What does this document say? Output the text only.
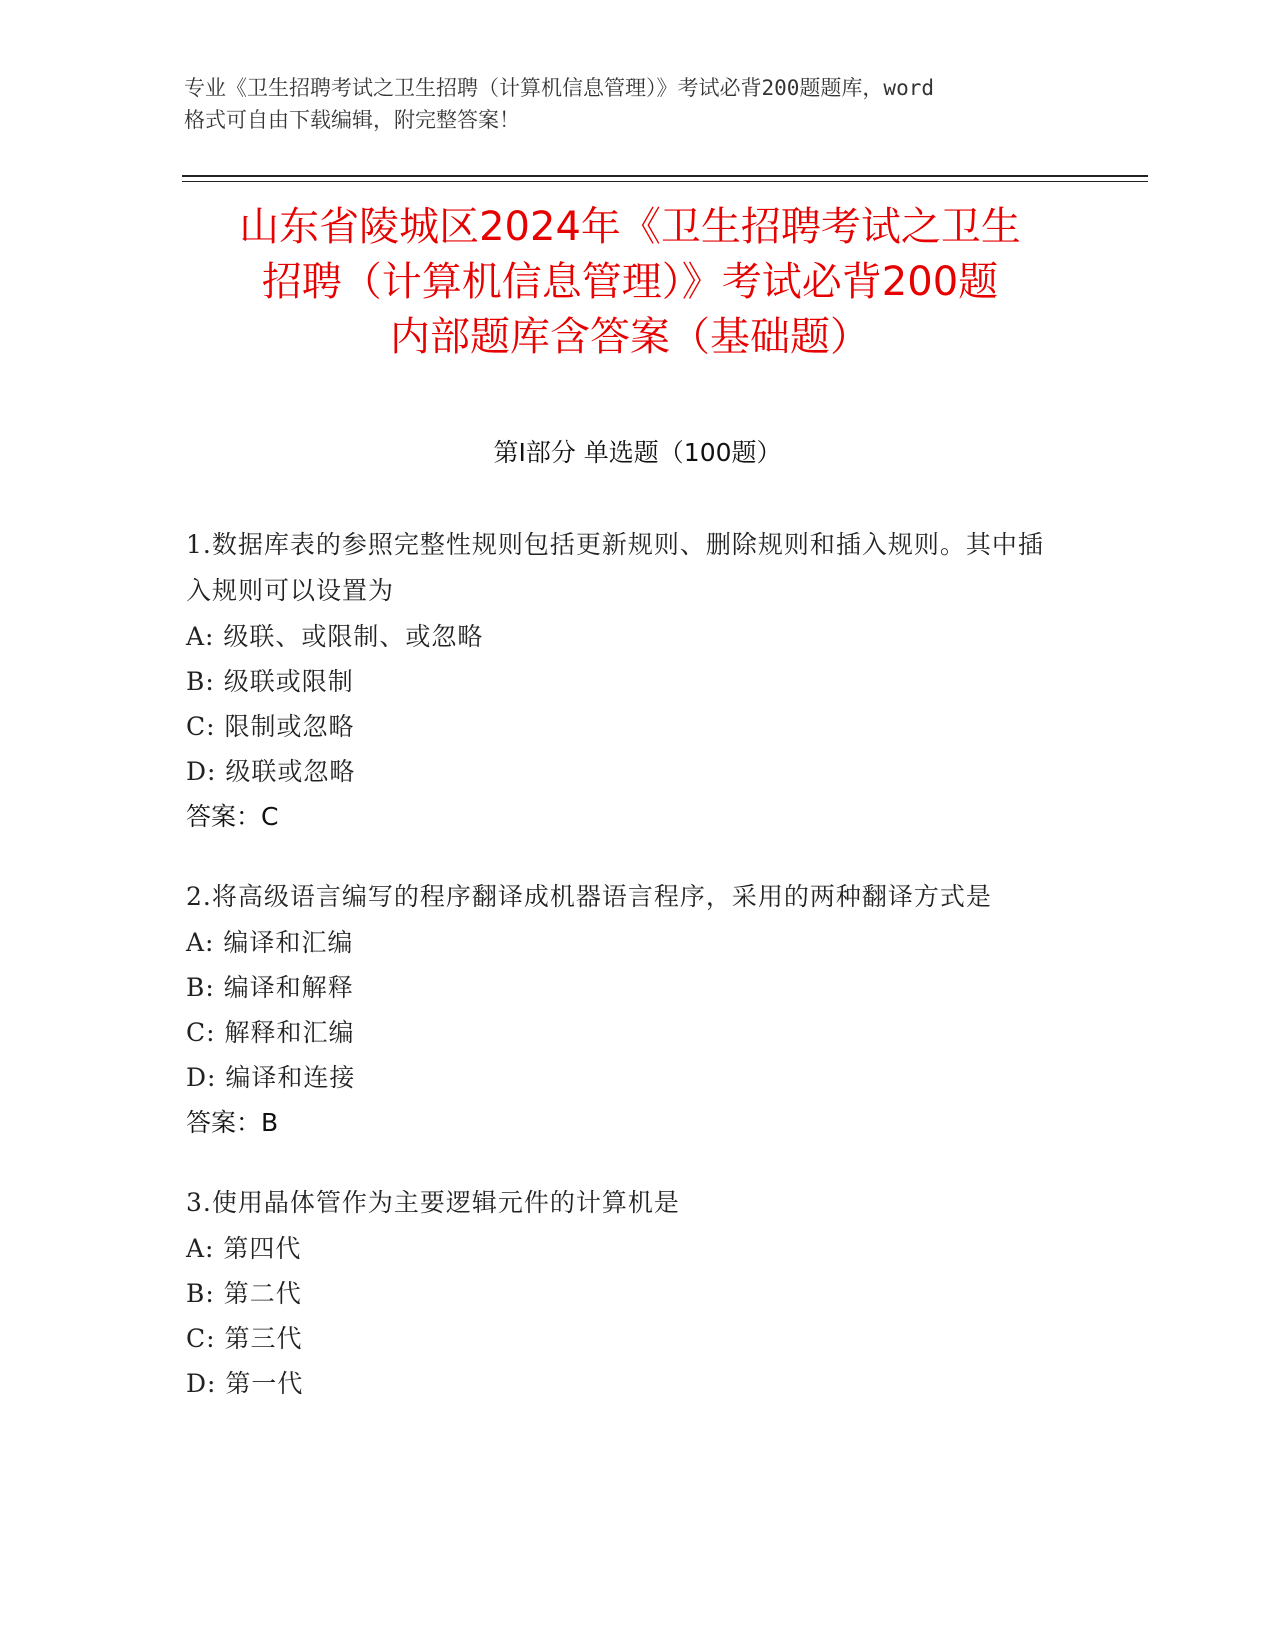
专业《卫生招聘考试之卫生招聘（计算机信息管理）》考试必背200题题库，word
格式可自由下载编辑，附完整答案！
山东省陵城区2024年《卫生招聘考试之卫生
招聘（计算机信息管理）》考试必背200题
内部题库含答案（基础题）
第Ⅰ部分 单选题（100题）
1.数据库表的参照完整性规则包括更新规则、删除规则和插入规则。其中插入规则可以设置为
A: 级联、或限制、或忽略
B: 级联或限制
C: 限制或忽略
D: 级联或忽略
答案：C
2.将高级语言编写的程序翻译成机器语言程序，采用的两种翻译方式是
A: 编译和汇编
B: 编译和解释
C: 解释和汇编
D: 编译和连接
答案：B
3.使用晶体管作为主要逻辑元件的计算机是
A: 第四代
B: 第二代
C: 第三代
D: 第一代
